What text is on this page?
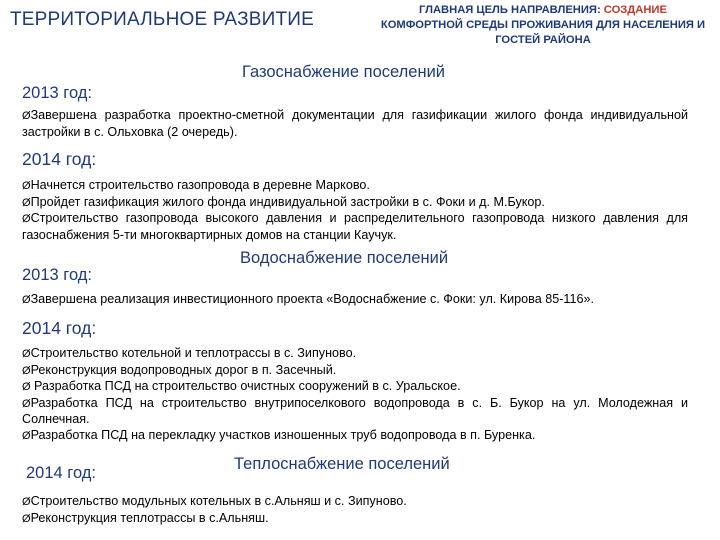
ТЕРРИТОРИАЛЬНОЕ РАЗВИТИЕ	ГЛАВНАЯ ЦЕЛЬ НАПРАВЛЕНИЯ: СОЗДАНИЕ
КОМФОРТНОЙ СРЕДЫ ПРОЖИВАНИЯ ДЛЯ НАСЕЛЕНИЯ И ГОСТЕЙ РАЙОНА
Газоснабжение поселений
2013 год:
ØЗавершена разработка проектно-сметной документации для газификации жилого фонда индивидуальной застройки в с. Ольховка (2 очередь).
2014 год:
ØНачнется строительство газопровода в деревне Марково.
ØПройдет газификация жилого фонда индивидуальной застройки в с. Фоки и д. М.Букор.
ØСтроительство газопровода высокого давления и распределительного газопровода низкого давления для газоснабжения 5-ти многоквартирных домов на станции Каучук.
Водоснабжение поселений
2013 год:
ØЗавершена реализация инвестиционного проекта «Водоснабжение с. Фоки: ул. Кирова 85-116».
2014 год:
ØСтроительство котельной и теплотрассы в с. Зипуново.
ØРеконструкция водопроводных дорог в п. Засечный.
Ø Разработка ПСД на строительство очистных сооружений в с. Уральское.
ØРазработка ПСД на строительство внутрипоселкового водопровода в с. Б. Букор на ул. Молодежная и Солнечная.
ØРазработка ПСД на перекладку участков изношенных труб водопровода в п. Буренка.
Теплоснабжение поселений
2014 год:
ØСтроительство модульных котельных в с.Альняш и с. Зипуново.
ØРеконструкция теплотрассы в с.Альняш.
